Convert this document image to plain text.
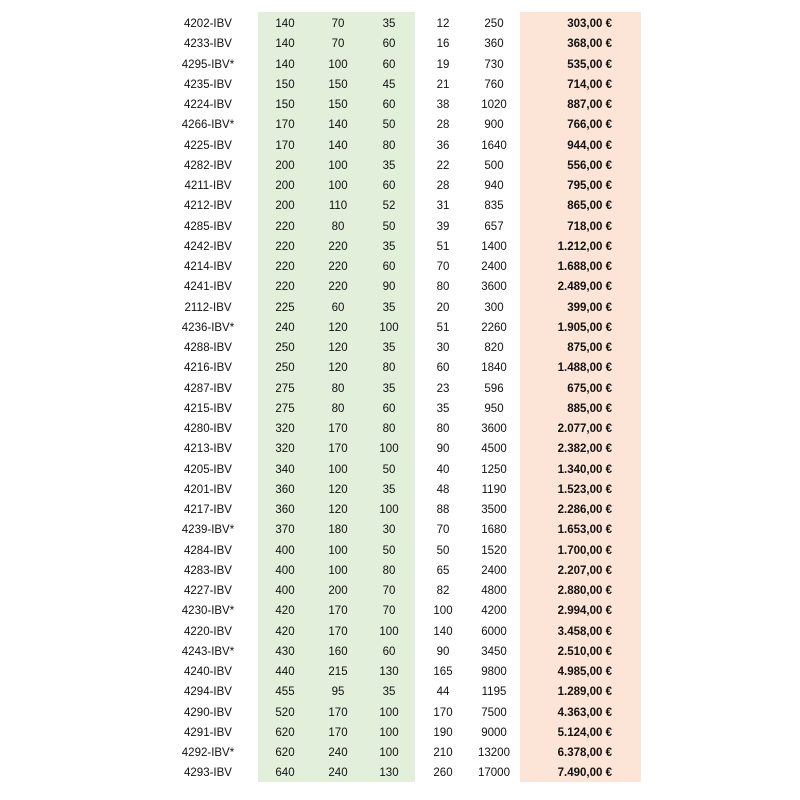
4202-IBV	140	70	35	12	250	303,00 €
4233-IBV	140	70	60	16	360	368,00 €
4295-IBV*	140	100	60	19	730	535,00 €
4235-IBV	150	150	45	21	760	714,00 €
4224-IBV	150	150	60	38	1020	887,00 €
4266-IBV*	170	140	50	28	900	766,00 €
4225-IBV	170	140	80	36	1640	944,00 €
4282-IBV	200	100	35	22	500	556,00 €
4211-IBV	200	100	60	28	940	795,00 €
4212-IBV	200	110	52	31	835	865,00 €
4285-IBV	220	80	50	39	657	718,00 €
4242-IBV	220	220	35	51	1400	1.212,00 €
4214-IBV	220	220	60	70	2400	1.688,00 €
4241-IBV	220	220	90	80	3600	2.489,00 €
2112-IBV	225	60	35	20	300	399,00 €
4236-IBV*	240	120	100	51	2260	1.905,00 €
4288-IBV	250	120	35	30	820	875,00 €
4216-IBV	250	120	80	60	1840	1.488,00 €
4287-IBV	275	80	35	23	596	675,00 €
4215-IBV	275	80	60	35	950	885,00 €
4280-IBV	320	170	80	80	3600	2.077,00 €
4213-IBV	320	170	100	90	4500	2.382,00 €
4205-IBV	340	100	50	40	1250	1.340,00 €
4201-IBV	360	120	35	48	1190	1.523,00 €
4217-IBV	360	120	100	88	3500	2.286,00 €
4239-IBV*	370	180	30	70	1680	1.653,00 €
4284-IBV	400	100	50	50	1520	1.700,00 €
4283-IBV	400	100	80	65	2400	2.207,00 €
4227-IBV	400	200	70	82	4800	2.880,00 €
4230-IBV*	420	170	70	100	4200	2.994,00 €
4220-IBV	420	170	100	140	6000	3.458,00 €
4243-IBV*	430	160	60	90	3450	2.510,00 €
4240-IBV	440	215	130	165	9800	4.985,00 €
4294-IBV	455	95	35	44	1195	1.289,00 €
4290-IBV	520	170	100	170	7500	4.363,00 €
4291-IBV	620	170	100	190	9000	5.124,00 €
4292-IBV*	620	240	100	210	13200	6.378,00 €
4293-IBV	640	240	130	260	17000	7.490,00 €
